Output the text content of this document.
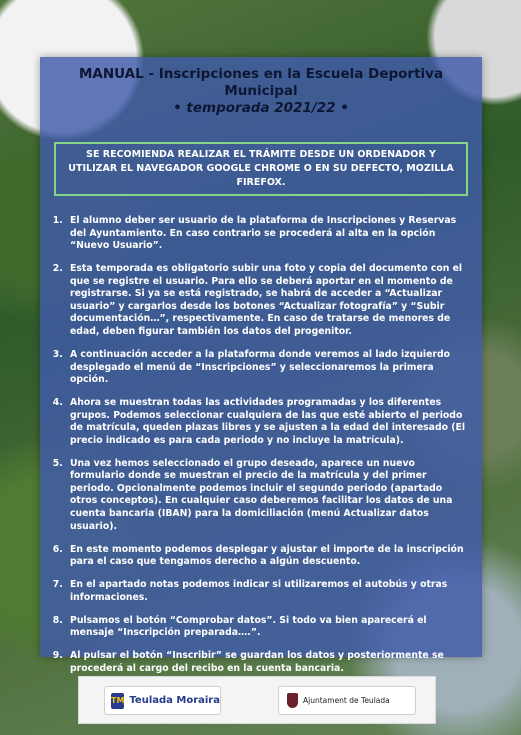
MANUAL - Inscripciones en la Escuela Deportiva Municipal
• temporada 2021/22 •
SE RECOMIENDA REALIZAR EL TRÁMITE DESDE UN ORDENADOR Y UTILIZAR EL NAVEGADOR GOOGLE CHROME O EN SU DEFECTO, MOZILLA FIREFOX.
1. El alumno deber ser usuario de la plataforma de Inscripciones y Reservas del Ayuntamiento. En caso contrario se procederá al alta en la opción “Nuevo Usuario”.
2. Esta temporada es obligatorio subir una foto y copia del documento con el que se registre el usuario. Para ello se deberá aportar en el momento de registrarse. Si ya se está registrado, se habrá de acceder a “Actualizar usuario” y cargarlos desde los botones “Actualizar fotografía” y “Subir documentación…”, respectivamente. En caso de tratarse de menores de edad, deben figurar también los datos del progenitor.
3. A continuación acceder a la plataforma donde veremos al lado izquierdo desplegado el menú de “Inscripciones” y seleccionaremos la primera opción.
4. Ahora se muestran todas las actividades programadas y los diferentes grupos. Podemos seleccionar cualquiera de las que esté abierto el periodo de matrícula, queden plazas libres y se ajusten a la edad del interesado (El precio indicado es para cada periodo y no incluye la matrícula).
5. Una vez hemos seleccionado el grupo deseado, aparece un nuevo formulario donde se muestran el precio de la matrícula y del primer periodo. Opcionalmente podemos incluir el segundo periodo (apartado otros conceptos). En cualquier caso deberemos facilitar los datos de una cuenta bancaria (IBAN) para la domiciliación (menú Actualizar datos usuario).
6. En este momento podemos desplegar y ajustar el importe de la inscripción para el caso que tengamos derecho a algún descuento.
7. En el apartado notas podemos indicar si utilizaremos el autobús y otras informaciones.
8. Pulsamos el botón “Comprobar datos”. Si todo va bien aparecerá el mensaje “Inscripción preparada….”.
9. Al pulsar el botón “Inscribir” se guardan los datos y posteriormente se procederá al cargo del recibo en la cuenta bancaria.
TM Teulada Moraira	Ajuntament de Teulada
